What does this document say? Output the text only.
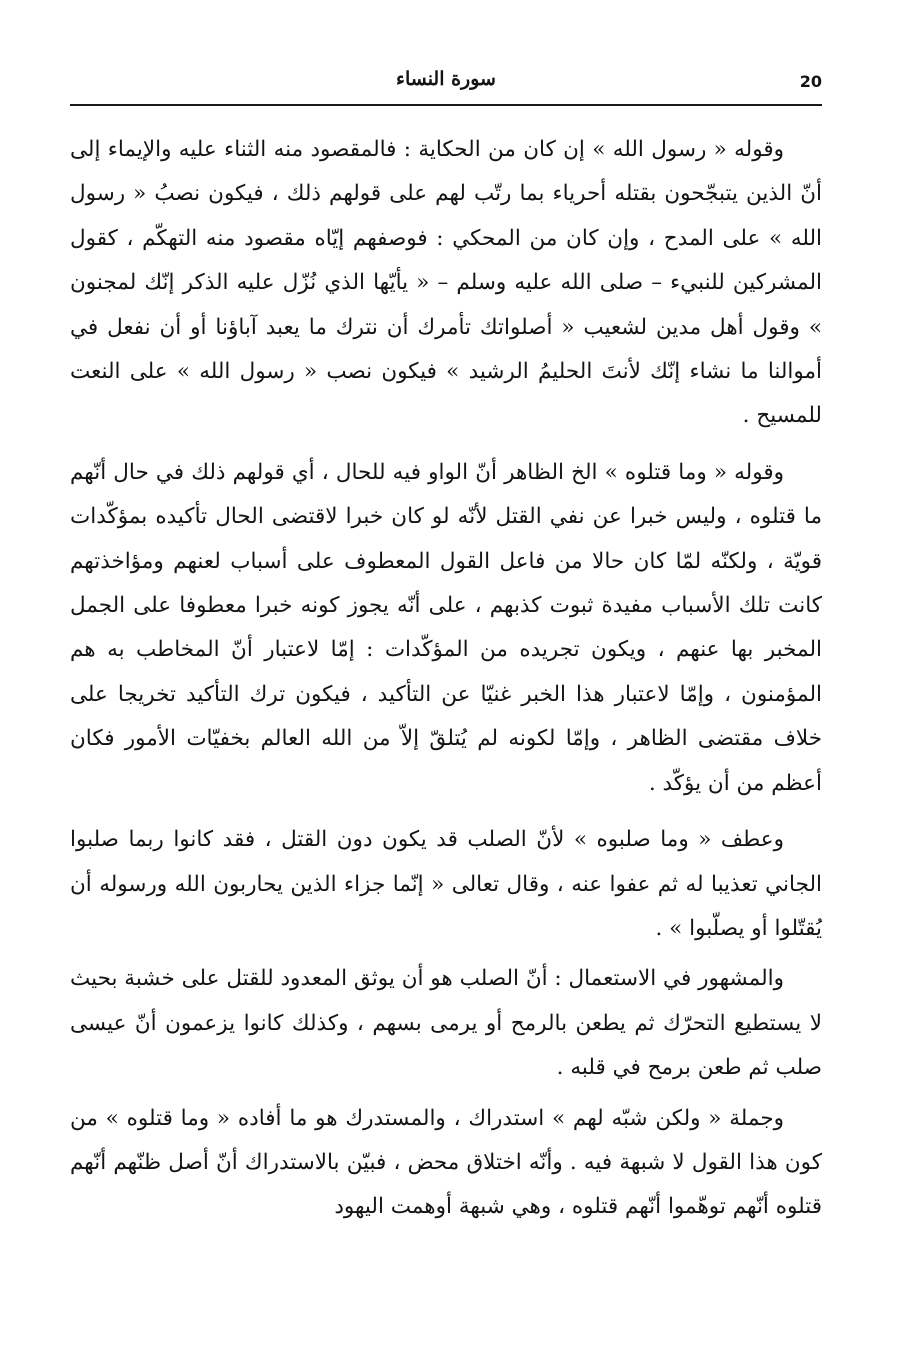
20
سورة النساء

وقوله « رسول الله » إن كان من الحكاية : فالمقصود منه الثناء عليه والإيماء إلى أنّ الذين يتبجّحون بقتله أحرياء بما رتّب لهم على قولهم ذلك ، فيكون نصبُ « رسول الله » على المدح ، وإن كان من المحكي : فوصفهم إيّاه مقصود منه التهكّم ، كقول المشركين للنبيء – صلى الله عليه وسلم – « يأيّها الذي نُزّل عليه الذكر إنّك لمجنون » وقول أهل مدين لشعيب « أصلواتك تأمرك أن نترك ما يعبد آباؤنا أو أن نفعل في أموالنا ما نشاء إنّك لأنتَ الحليمُ الرشيد » فيكون نصب « رسول الله » على النعت للمسيح .

وقوله « وما قتلوه » الخ الظاهر أنّ الواو فيه للحال ، أي قولهم ذلك في حال أنّهم ما قتلوه ، وليس خبرا عن نفي القتل لأنّه لو كان خبرا لاقتضى الحال تأكيده بمؤكّدات قويّة ، ولكنّه لمّا كان حالا من فاعل القول المعطوف على أسباب لعنهم ومؤاخذتهم كانت تلك الأسباب مفيدة ثبوت كذبهم ، على أنّه يجوز كونه خبرا معطوفا على الجمل المخبر بها عنهم ، ويكون تجريده من المؤكّدات : إمّا لاعتبار أنّ المخاطب به هم المؤمنون ، وإمّا لاعتبار هذا الخبر غنيّا عن التأكيد ، فيكون ترك التأكيد تخريجا على خلاف مقتضى الظاهر ، وإمّا لكونه لم يُتلقّ إلاّ من الله العالم بخفيّات الأمور فكان أعظم من أن يؤكّد .

وعطف « وما صلبوه » لأنّ الصلب قد يكون دون القتل ، فقد كانوا ربما صلبوا الجاني تعذيبا له ثم عفوا عنه ، وقال تعالى « إنّما جزاء الذين يحاربون الله ورسوله أن يُقتّلوا أو يصلّبوا » .

والمشهور في الاستعمال : أنّ الصلب هو أن يوثق المعدود للقتل على خشبة بحيث لا يستطيع التحرّك ثم يطعن بالرمح أو يرمى بسهم ، وكذلك كانوا يزعمون أنّ عيسى صلب ثم طعن برمح في قلبه .

وجملة « ولكن شبّه لهم » استدراك ، والمستدرك هو ما أفاده « وما قتلوه » من كون هذا القول لا شبهة فيه . وأنّه اختلاق محض ، فبيّن بالاستدراك أنّ أصل ظنّهم أنّهم قتلوه أنّهم توهّموا أنّهم قتلوه ، وهي شبهة أوهمت اليهود
